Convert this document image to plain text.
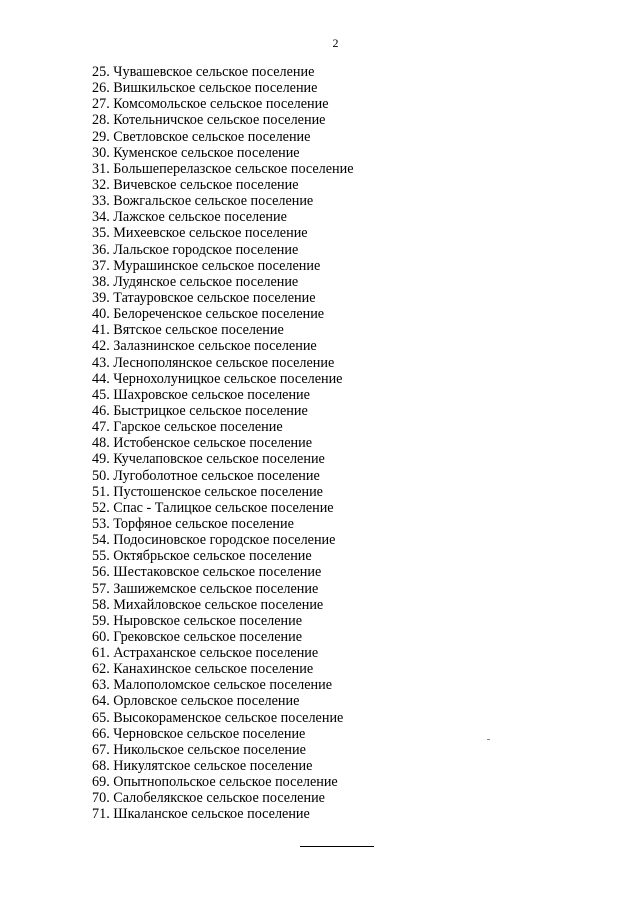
2
25. Чувашевское сельское поселение
26. Вишкильское сельское поселение
27. Комсомольское сельское поселение
28. Котельничское сельское поселение
29. Светловское сельское поселение
30. Куменское сельское поселение
31. Большеперелазское сельское поселение
32. Вичевское сельское поселение
33. Вожгальское сельское поселение
34. Лажское сельское поселение
35. Михеевское сельское поселение
36. Лальское городское поселение
37. Мурашинское сельское поселение
38. Лудянское сельское поселение
39. Татауровское сельское поселение
40. Белореченское сельское поселение
41. Вятское сельское поселение
42. Залазнинское сельское поселение
43. Леснополянское сельское поселение
44. Чернохолуницкое сельское поселение
45. Шахровское сельское поселение
46. Быстрицкое сельское поселение
47. Гарское сельское поселение
48. Истобенское сельское поселение
49. Кучелаповское сельское поселение
50. Лугоболотное сельское поселение
51. Пустошенское сельское поселение
52. Спас - Талицкое сельское поселение
53. Торфяное сельское поселение
54. Подосиновское городское поселение
55. Октябрьское сельское поселение
56. Шестаковское сельское поселение
57. Зашижемское сельское поселение
58. Михайловское сельское поселение
59. Ныровское сельское поселение
60. Грековское сельское поселение
61. Астраханское сельское поселение
62. Канахинское сельское поселение
63. Малополомское сельское поселение
64. Орловское сельское поселение
65. Высокораменское сельское поселение
66. Черновское сельское поселение
67. Никольское сельское поселение
68. Никулятское сельское поселение
69. Опытнопольское сельское поселение
70. Салобелякское сельское поселение
71. Шкаланское сельское поселение
